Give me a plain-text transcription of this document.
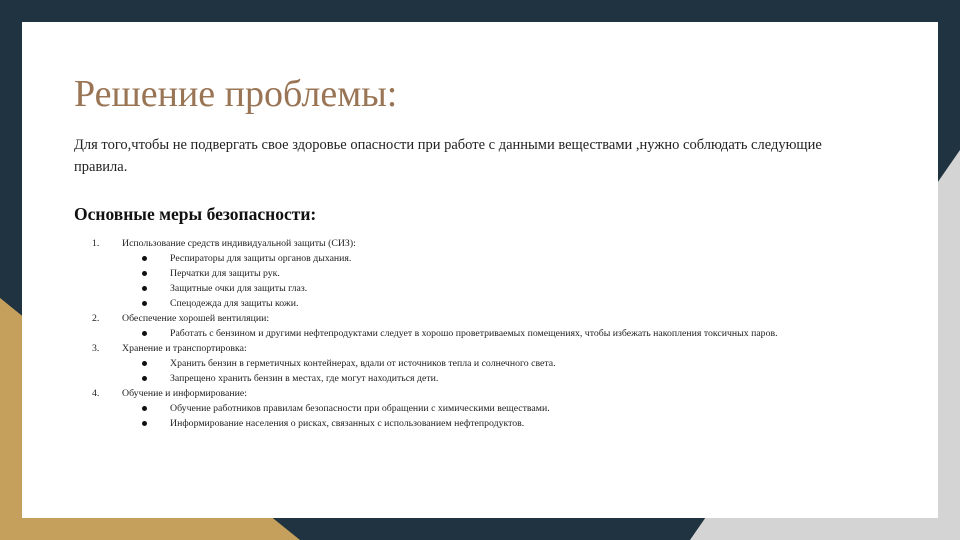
Решение проблемы:

Для того,чтобы не подвергать свое здоровье опасности при работе с данными веществами ,нужно соблюдать следующие правила.

Основные меры безопасности:
1. Использование средств индивидуальной защиты (СИЗ):
Респираторы для защиты органов дыхания.
Перчатки для защиты рук.
Защитные очки для защиты глаз.
Спецодежда для защиты кожи.
2. Обеспечение хорошей вентиляции:
Работать с бензином и другими нефтепродуктами следует в хорошо проветриваемых помещениях, чтобы избежать накопления токсичных паров.
3. Хранение и транспортировка:
Хранить бензин в герметичных контейнерах, вдали от источников тепла и солнечного света.
Запрещено хранить бензин в местах, где могут находиться дети.
4. Обучение и информирование:
Обучение работников правилам безопасности при обращении с химическими веществами.
Информирование населения о рисках, связанных с использованием нефтепродуктов.
